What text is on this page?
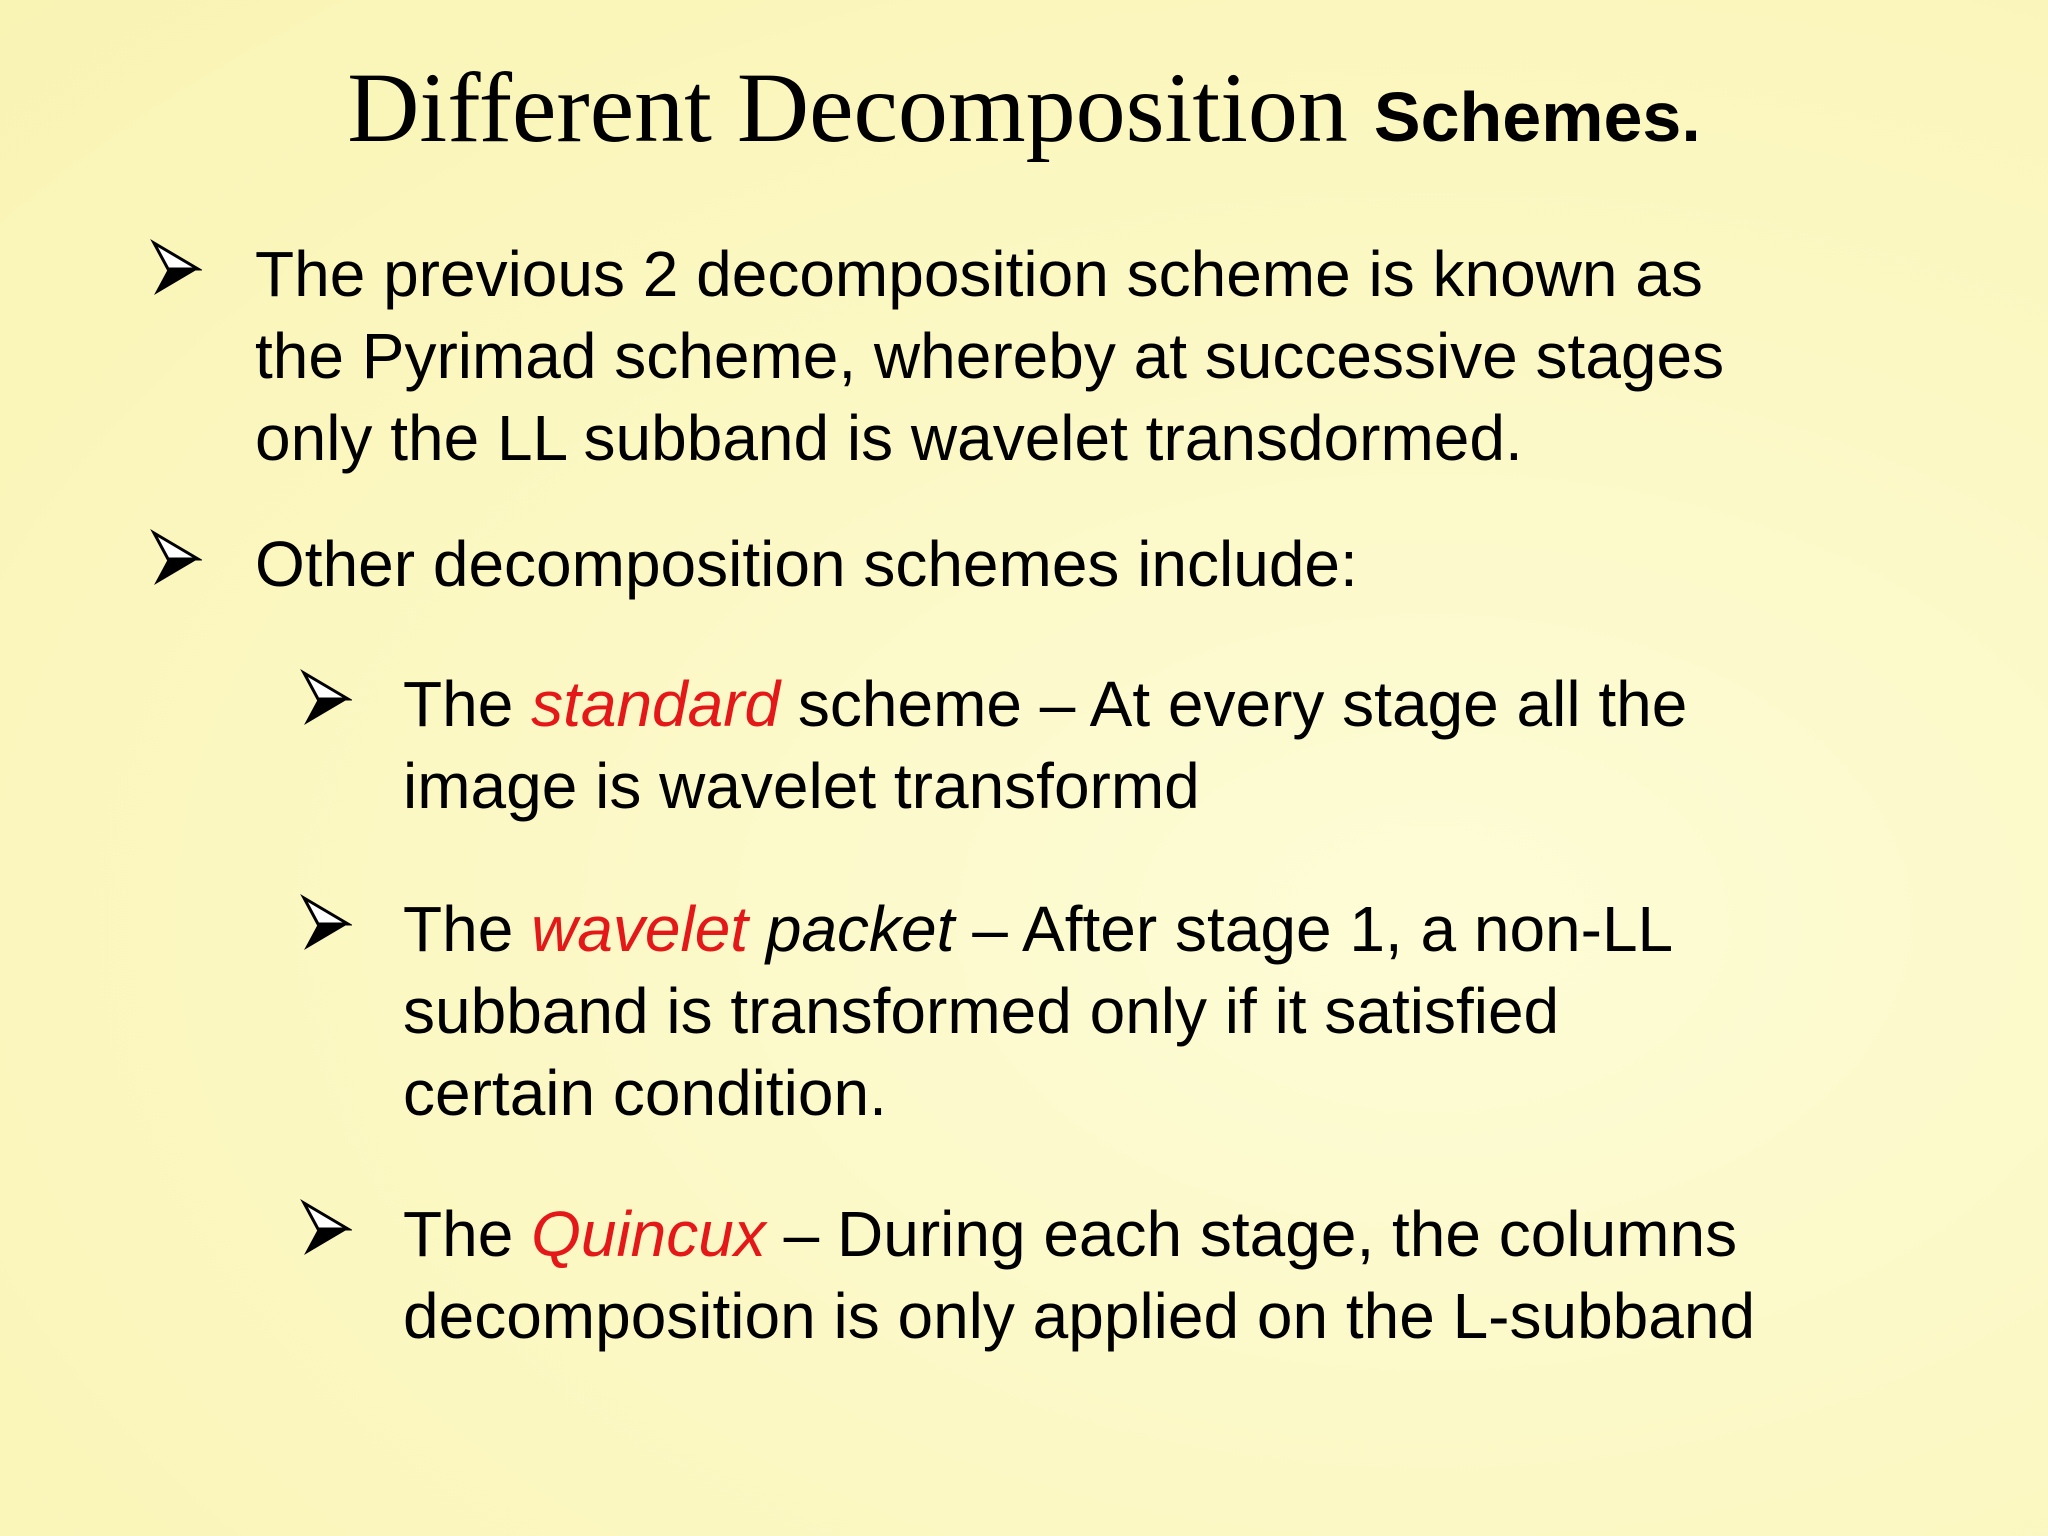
Different Decomposition Schemes.
The previous 2 decomposition scheme is known as
the Pyrimad scheme, whereby at successive stages
only the LL subband is wavelet transdormed.
Other decomposition schemes include:
The standard scheme – At every stage all the
image is wavelet transformd
The wavelet packet – After stage 1, a non-LL
subband is transformed only if it satisfied
certain condition.
The Quincux – During each stage, the columns
decomposition is only applied on the L-subband
